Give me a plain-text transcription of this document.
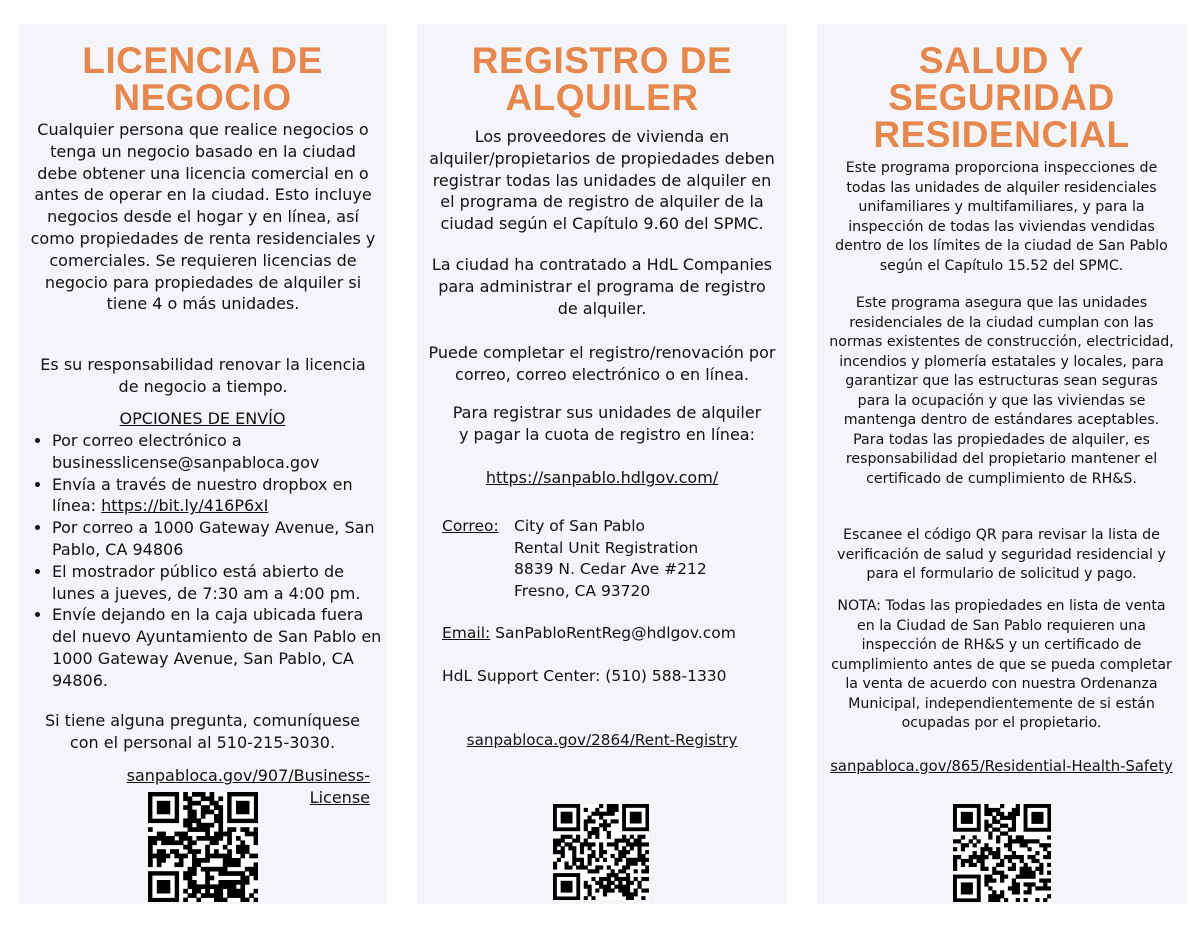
LICENCIA DE
NEGOCIO

Cualquier persona que realice negocios o tenga un negocio basado en la ciudad debe obtener una licencia comercial en o antes de operar en la ciudad. Esto incluye negocios desde el hogar y en línea, así como propiedades de renta residenciales y comerciales. Se requieren licencias de negocio para propiedades de alquiler si tiene 4 o más unidades.

Es su responsabilidad renovar la licencia de negocio a tiempo.

OPCIONES DE ENVÍO

• Por correo electrónico a businesslicense@sanpabloca.gov
• Envía a través de nuestro dropbox en línea: https://bit.ly/416P6xI
• Por correo a 1000 Gateway Avenue, San Pablo, CA 94806
• El mostrador público está abierto de lunes a jueves, de 7:30 am a 4:00 pm.
• Envíe dejando en la caja ubicada fuera del nuevo Ayuntamiento de San Pablo en 1000 Gateway Avenue, San Pablo, CA 94806.

Si tiene alguna pregunta, comuníquese con el personal al 510-215-3030.

sanpabloca.gov/907/Business-License
REGISTRO DE
ALQUILER

Los proveedores de vivienda en alquiler/propietarios de propiedades deben registrar todas las unidades de alquiler en el programa de registro de alquiler de la ciudad según el Capítulo 9.60 del SPMC.

La ciudad ha contratado a HdL Companies para administrar el programa de registro de alquiler.

Puede completar el registro/renovación por correo, correo electrónico o en línea.

Para registrar sus unidades de alquiler y pagar la cuota de registro en línea:

https://sanpablo.hdlgov.com/
Correo: City of San Pablo
Rental Unit Registration
8839 N. Cedar Ave #212
Fresno, CA 93720
Email: SanPabloRentReg@hdlgov.com

HdL Support Center: (510) 588-1330

sanpabloca.gov/2864/Rent-Registry
SALUD Y
SEGURIDAD
RESIDENCIAL

Este programa proporciona inspecciones de todas las unidades de alquiler residenciales unifamiliares y multifamiliares, y para la inspección de todas las viviendas vendidas dentro de los límites de la ciudad de San Pablo según el Capítulo 15.52 del SPMC.

Este programa asegura que las unidades residenciales de la ciudad cumplan con las normas existentes de construcción, electricidad, incendios y plomería estatales y locales, para garantizar que las estructuras sean seguras para la ocupación y que las viviendas se mantenga dentro de estándares aceptables. Para todas las propiedades de alquiler, es responsabilidad del propietario mantener el certificado de cumplimiento de RH&S.

Escanee el código QR para revisar la lista de verificación de salud y seguridad residencial y para el formulario de solicitud y pago.

NOTA: Todas las propiedades en lista de venta en la Ciudad de San Pablo requieren una inspección de RH&S y un certificado de cumplimiento antes de que se pueda completar la venta de acuerdo con nuestra Ordenanza Municipal, independientemente de si están ocupadas por el propietario.

sanpabloca.gov/865/Residential-Health-Safety
